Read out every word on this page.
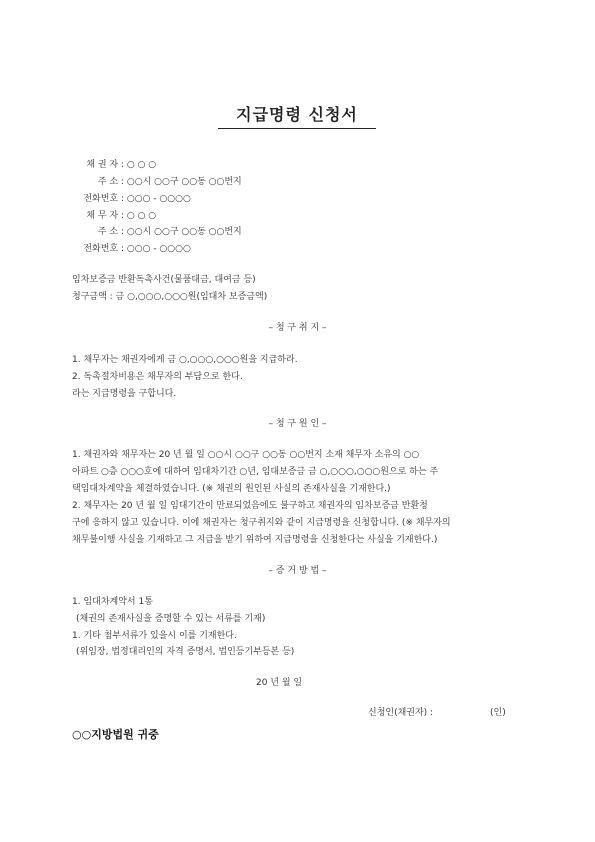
지급명령 신청서
채 권 자 : ○ ○ ○
주 소 : ○○시 ○○구 ○○동 ○○번지
전화번호 : ○○○ - ○○○○
채 무 자 : ○ ○ ○
주 소 : ○○시 ○○구 ○○동 ○○번지
전화번호 : ○○○ - ○○○○
임차보증금 반환독촉사건(물품대금, 대여금 등)
청구금액 : 금 ○,○○○,○○○원(임대차 보증금액)
– 청 구 취 지 –
1. 채무자는 채권자에게 금 ○,○○○,○○○원을 지급하라.
2. 독촉절차비용은 채무자의 부담으로 한다.
라는 지급명령을 구합니다.
– 청 구 원 인 –
1. 채권자와 채무자는 20 년 월 일 ○○시 ○○구 ○○동 ○○번지 소재 채무자 소유의 ○○
아파트 ○층 ○○○호에 대하여 임대차기간 ○년, 임대보증금 금 ○,○○○,○○○원으로 하는 주
택임대차계약을 체결하였습니다. (※ 채권의 원인된 사실의 존재사실을 기재한다.)
2. 채무자는 20 년 월 일 임대기간이 만료되었음에도 불구하고 채권자의 임차보증금 반환청
구에 응하지 않고 있습니다. 이에 채권자는 청구취지와 같이 지급명령을 신청합니다. (※ 채무자의
채무불이행 사실을 기재하고 그 지급을 받기 위하여 지급명령을 신청한다는 사실을 기재한다.)
– 증 거 방 법 –
1. 임대차계약서 1통
(채권의 존재사실을 증명할 수 있는 서류를 기재)
1. 기타 첨부서류가 있을시 이를 기재한다.
(위임장, 법정대리인의 자격 증명서, 법인등기부등본 등)
20 년 월 일
신청인(채권자) :	(인)
○○지방법원 귀중
